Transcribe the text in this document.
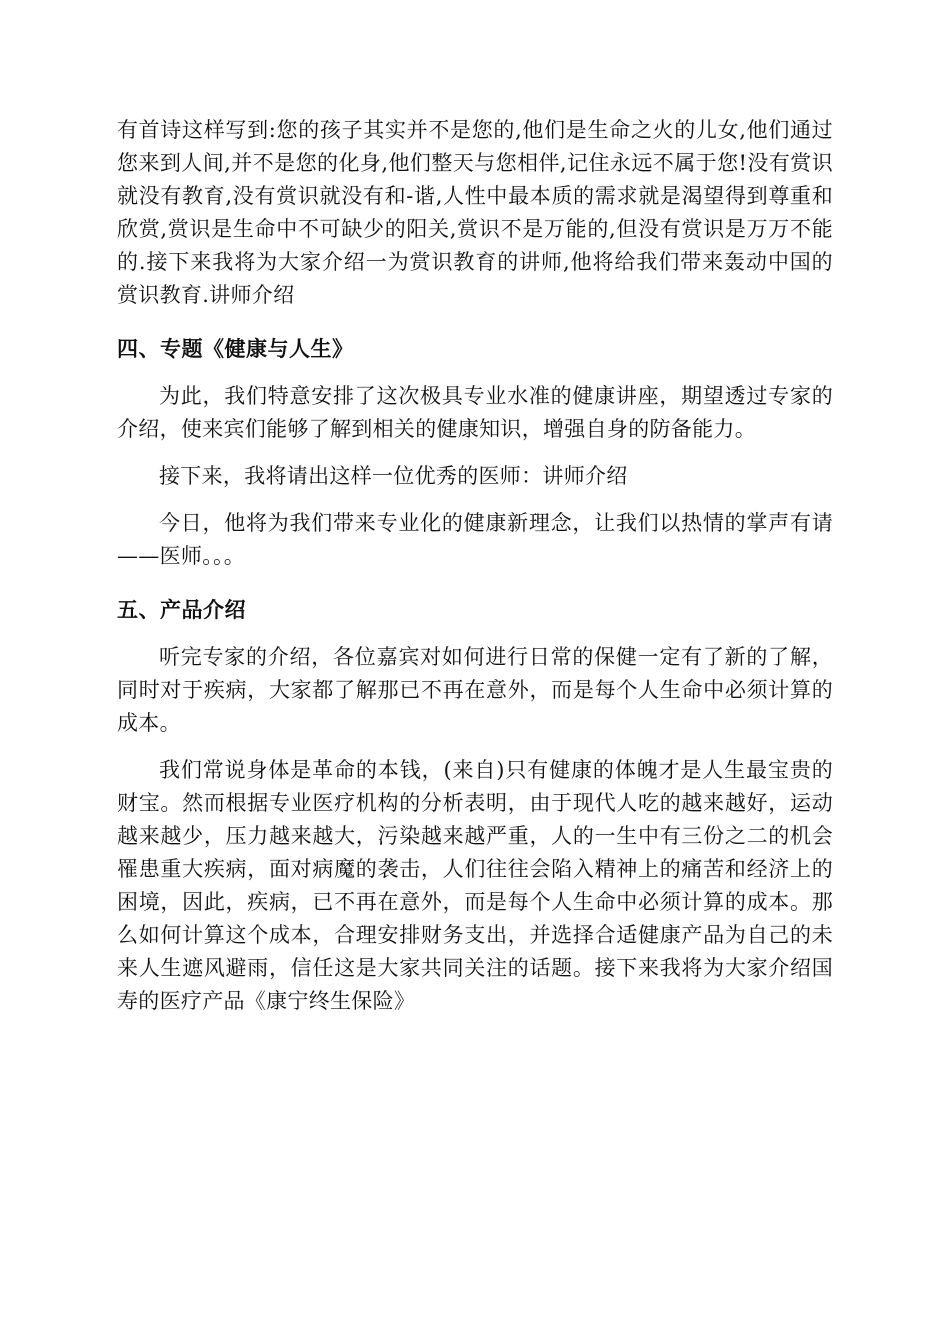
有首诗这样写到:您的孩子其实并不是您的,他们是生命之火的儿女,他们通过您来到人间,并不是您的化身,他们整天与您相伴,记住永远不属于您!没有赏识就没有教育,没有赏识就没有和-谐,人性中最本质的需求就是渴望得到尊重和欣赏,赏识是生命中不可缺少的阳关,赏识不是万能的,但没有赏识是万万不能的.接下来我将为大家介绍一为赏识教育的讲师,他将给我们带来轰动中国的赏识教育.讲师介绍

四、专题《健康与人生》

为此，我们特意安排了这次极具专业水准的健康讲座，期望透过专家的介绍，使来宾们能够了解到相关的健康知识，增强自身的防备能力。

接下来，我将请出这样一位优秀的医师：讲师介绍

今日，他将为我们带来专业化的健康新理念，让我们以热情的掌声有请——医师。。。

五、产品介绍

听完专家的介绍，各位嘉宾对如何进行日常的保健一定有了新的了解，同时对于疾病，大家都了解那已不再在意外，而是每个人生命中必须计算的成本。

我们常说身体是革命的本钱，(来自)只有健康的体魄才是人生最宝贵的财宝。然而根据专业医疗机构的分析表明，由于现代人吃的越来越好，运动越来越少，压力越来越大，污染越来越严重，人的一生中有三份之二的机会罹患重大疾病，面对病魔的袭击，人们往往会陷入精神上的痛苦和经济上的困境，因此，疾病，已不再在意外，而是每个人生命中必须计算的成本。那么如何计算这个成本，合理安排财务支出，并选择合适健康产品为自己的未来人生遮风避雨，信任这是大家共同关注的话题。接下来我将为大家介绍国寿的医疗产品《康宁终生保险》
